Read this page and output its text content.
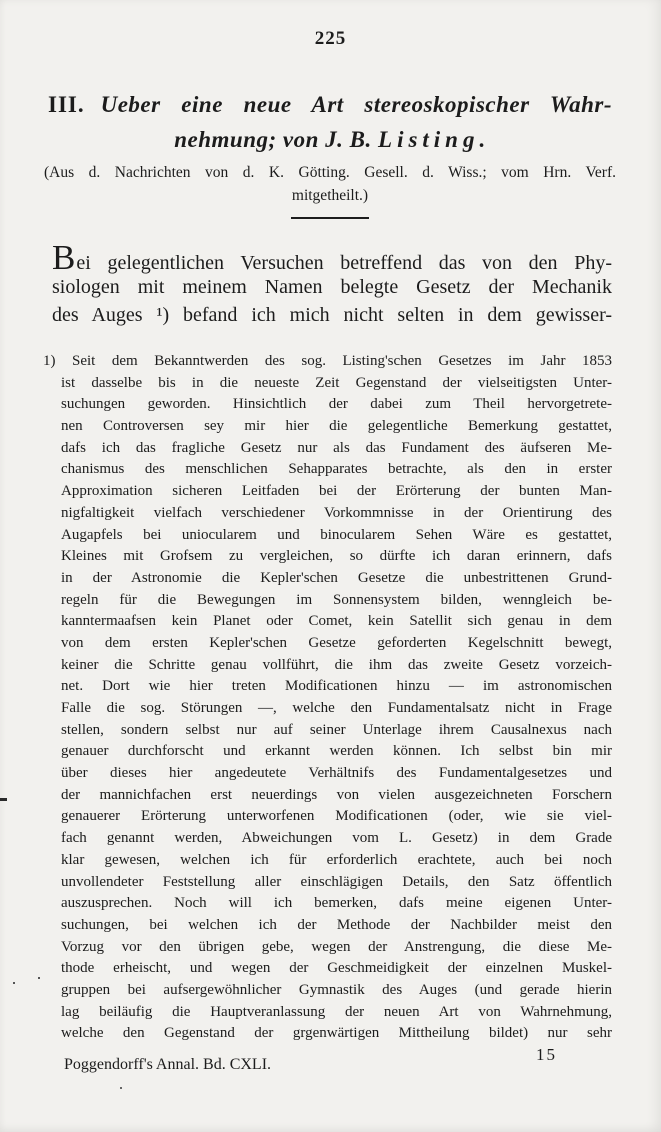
225
III. Ueber eine neue Art stereoskopischer Wahr-
nehmung; von J. B. Listing.
(Aus d. Nachrichten von d. K. Götting. Gesell. d. Wiss.; vom Hrn. Verf.
mitgetheilt.)
Bei gelegentlichen Versuchen betreffend das von den Phy-
siologen mit meinem Namen belegte Gesetz der Mechanik
des Auges ¹) befand ich mich nicht selten in dem gewisser-
1) Seit dem Bekanntwerden des sog. Listing'schen Gesetzes im Jahr 1853
ist dasselbe bis in die neueste Zeit Gegenstand der vielseitigsten Unter-
suchungen geworden. Hinsichtlich der dabei zum Theil hervorgetrete-
nen Controversen sey mir hier die gelegentliche Bemerkung gestattet,
dafs ich das fragliche Gesetz nur als das Fundament des äufseren Me-
chanismus des menschlichen Sehapparates betrachte, als den in erster
Approximation sicheren Leitfaden bei der Erörterung der bunten Man-
nigfaltigkeit vielfach verschiedener Vorkommnisse in der Orientirung des
Augapfels bei uniocularem und binocularem Sehen Wäre es gestattet,
Kleines mit Grofsem zu vergleichen, so dürfte ich daran erinnern, dafs
in der Astronomie die Kepler'schen Gesetze die unbestrittenen Grund-
regeln für die Bewegungen im Sonnensystem bilden, wenngleich be-
kanntermaafsen kein Planet oder Comet, kein Satellit sich genau in dem
von dem ersten Kepler'schen Gesetze geforderten Kegelschnitt bewegt,
keiner die Schritte genau vollführt, die ihm das zweite Gesetz vorzeich-
net. Dort wie hier treten Modificationen hinzu — im astronomischen
Falle die sog. Störungen —, welche den Fundamentalsatz nicht in Frage
stellen, sondern selbst nur auf seiner Unterlage ihrem Causalnexus nach
genauer durchforscht und erkannt werden können. Ich selbst bin mir
über dieses hier angedeutete Verhältnifs des Fundamentalgesetzes und
der mannichfachen erst neuerdings von vielen ausgezeichneten Forschern
genauerer Erörterung unterworfenen Modificationen (oder, wie sie viel-
fach genannt werden, Abweichungen vom L. Gesetz) in dem Grade
klar gewesen, welchen ich für erforderlich erachtete, auch bei noch
unvollendeter Feststellung aller einschlägigen Details, den Satz öffentlich
auszusprechen. Noch will ich bemerken, dafs meine eigenen Unter-
suchungen, bei welchen ich der Methode der Nachbilder meist den
Vorzug vor den übrigen gebe, wegen der Anstrengung, die diese Me-
thode erheischt, und wegen der Geschmeidigkeit der einzelnen Muskel-
gruppen bei aufsergewöhnlicher Gymnastik des Auges (und gerade hierin
lag beiläufig die Hauptveranlassung der neuen Art von Wahrnehmung,
welche den Gegenstand der grgenwärtigen Mittheilung bildet) nur sehr
Poggendorff's Annal. Bd. CXLI.
15
